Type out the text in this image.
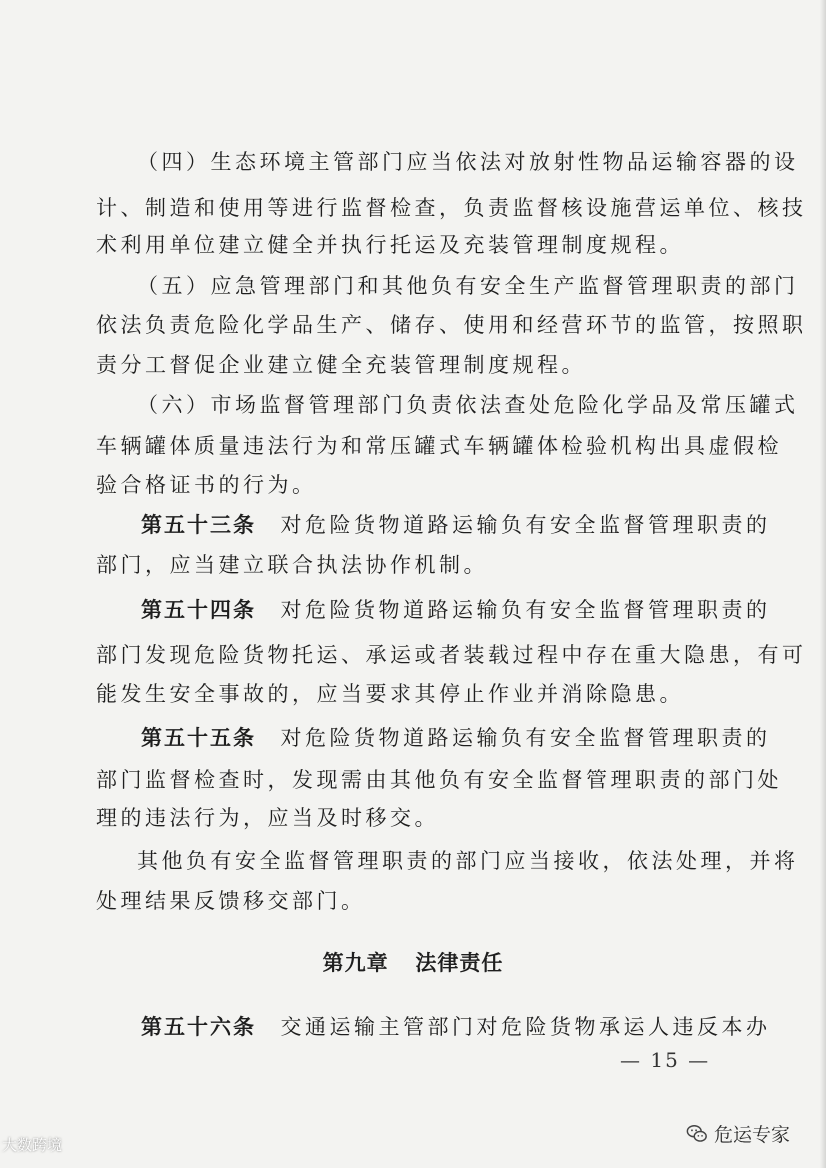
（四）生态环境主管部门应当依法对放射性物品运输容器的设
计、制造和使用等进行监督检查，负责监督核设施营运单位、核技
术利用单位建立健全并执行托运及充装管理制度规程。
（五）应急管理部门和其他负有安全生产监督管理职责的部门
依法负责危险化学品生产、储存、使用和经营环节的监管，按照职
责分工督促企业建立健全充装管理制度规程。
（六）市场监督管理部门负责依法查处危险化学品及常压罐式
车辆罐体质量违法行为和常压罐式车辆罐体检验机构出具虚假检
验合格证书的行为。
第五十三条　对危险货物道路运输负有安全监督管理职责的
部门，应当建立联合执法协作机制。
第五十四条　对危险货物道路运输负有安全监督管理职责的
部门发现危险货物托运、承运或者装载过程中存在重大隐患，有可
能发生安全事故的，应当要求其停止作业并消除隐患。
第五十五条　对危险货物道路运输负有安全监督管理职责的
部门监督检查时，发现需由其他负有安全监督管理职责的部门处
理的违法行为，应当及时移交。
其他负有安全监督管理职责的部门应当接收，依法处理，并将
处理结果反馈移交部门。
第九章 法律责任
第五十六条　交通运输主管部门对危险货物承运人违反本办
— 15 —
大数跨境	危运专家
